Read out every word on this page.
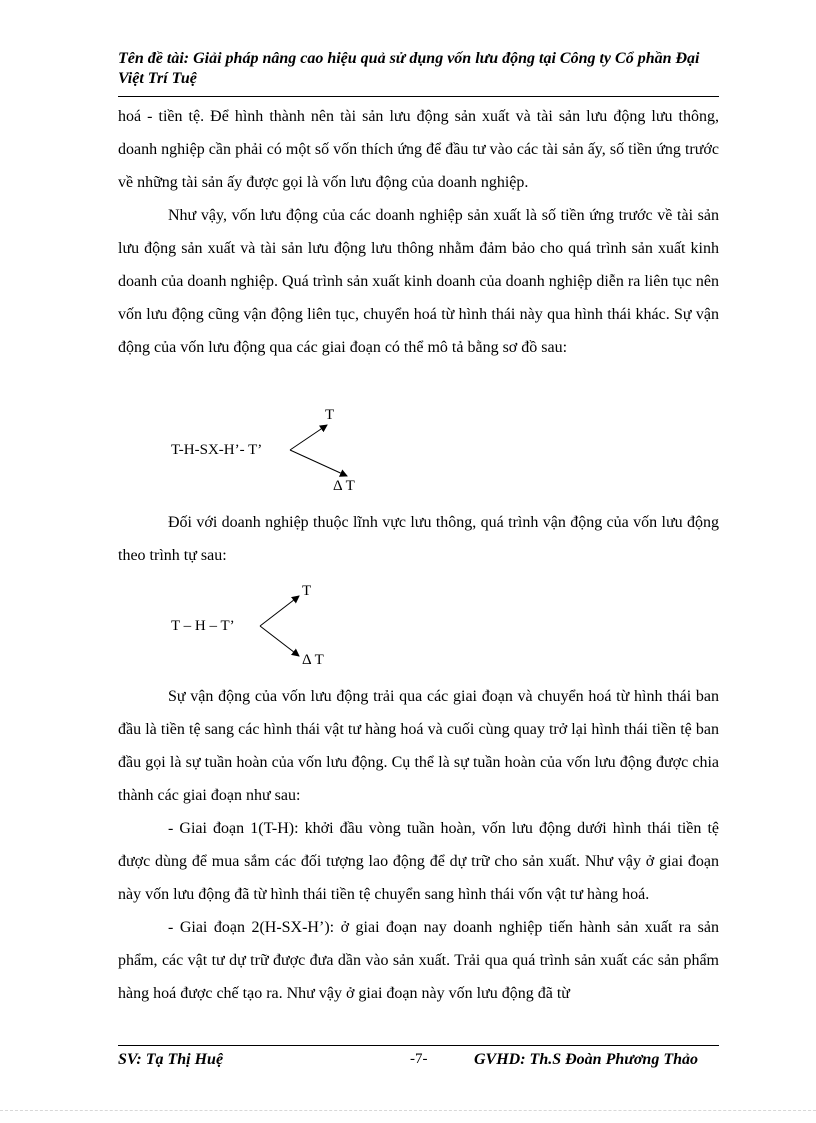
Tên đề tài: Giải pháp nâng cao hiệu quả sử dụng vốn lưu động tại Công ty Cổ phần Đại Việt Trí Tuệ

hoá - tiền tệ. Để hình thành nên tài sản lưu động sản xuất và tài sản lưu động lưu thông, doanh nghiệp cần phải có một số vốn thích ứng để đầu tư vào các tài sản ấy, số tiền ứng trước về những tài sản ấy được gọi là vốn lưu động của doanh nghiệp.

Như vậy, vốn lưu động của các doanh nghiệp sản xuất là số tiền ứng trước về tài sản lưu động sản xuất và tài sản lưu động lưu thông nhằm đảm bảo cho quá trình sản xuất kinh doanh của doanh nghiệp. Quá trình sản xuất kinh doanh của doanh nghiệp diễn ra liên tục nên vốn lưu động cũng vận động liên tục, chuyển hoá từ hình thái này qua hình thái khác. Sự vận động của vốn lưu động qua các giai đoạn có thể mô tả bằng sơ đồ sau:

T-H-SX-H’- T’
T
Δ T

Đối với doanh nghiệp thuộc lĩnh vực lưu thông, quá trình vận động của vốn lưu động theo trình tự sau:

T – H – T’
T
Δ T

Sự vận động của vốn lưu động trải qua các giai đoạn và chuyển hoá từ hình thái ban đầu là tiền tệ sang các hình thái vật tư hàng hoá và cuối cùng quay trở lại hình thái tiền tệ ban đầu gọi là sự tuần hoàn của vốn lưu động. Cụ thể là sự tuần hoàn của vốn lưu động được chia thành các giai đoạn như sau:

- Giai đoạn 1(T-H): khởi đầu vòng tuần hoàn, vốn lưu động dưới hình thái tiền tệ được dùng để mua sắm các đối tượng lao động để dự trữ cho sản xuất. Như vậy ở giai đoạn này vốn lưu động đã từ hình thái tiền tệ chuyển sang hình thái vốn vật tư hàng hoá.

- Giai đoạn 2(H-SX-H’): ở giai đoạn nay doanh nghiệp tiến hành sản xuất ra sản phẩm, các vật tư dự trữ được đưa dần vào sản xuất. Trải qua quá trình sản xuất các sản phẩm hàng hoá được chế tạo ra. Như vậy ở giai đoạn này vốn lưu động đã từ

SV: Tạ Thị Huệ	-7-	GVHD: Th.S Đoàn Phương Thảo
